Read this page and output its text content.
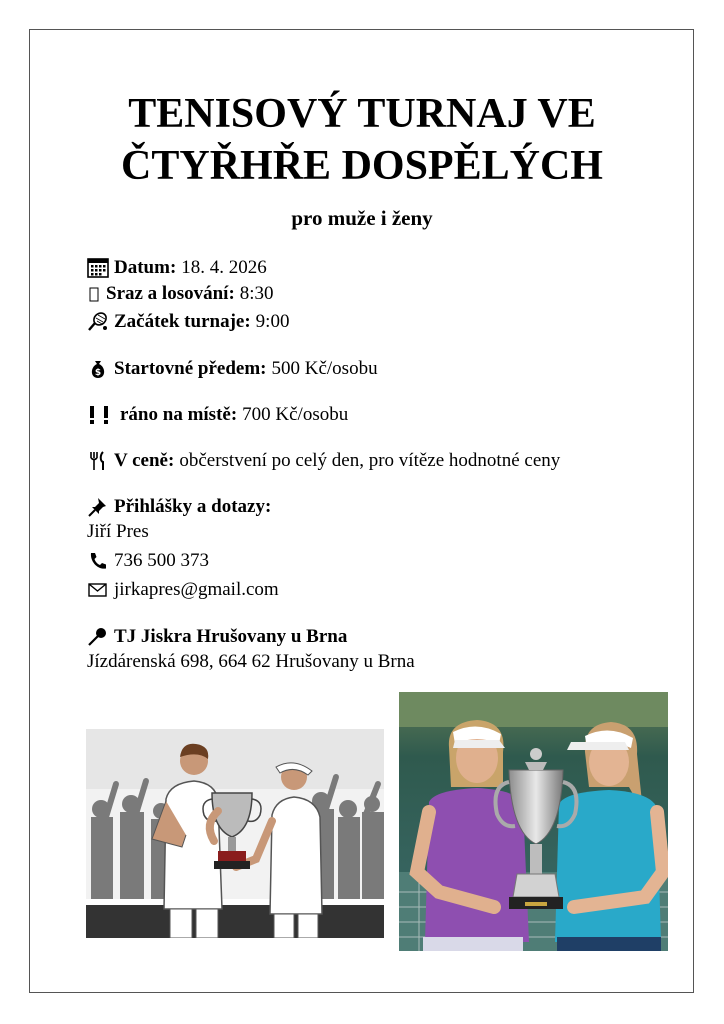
TENISOVÝ TURNAJ VE
ČTYŘHŘE DOSPĚLÝCH

pro muže i ženy

Datum: 18. 4. 2026
Sraz a losování: 8:30
Začátek turnaje: 9:00
$ Startovné předem: 500 Kč/osobu
ráno na místě: 700 Kč/osobu
V ceně: občerstvení po celý den, pro vítěze hodnotné ceny
Přihlášky a dotazy:
Jiří Pres
736 500 373
jirkapres@gmail.com
TJ Jiskra Hrušovany u Brna
Jízdárenská 698, 664 62 Hrušovany u Brna
